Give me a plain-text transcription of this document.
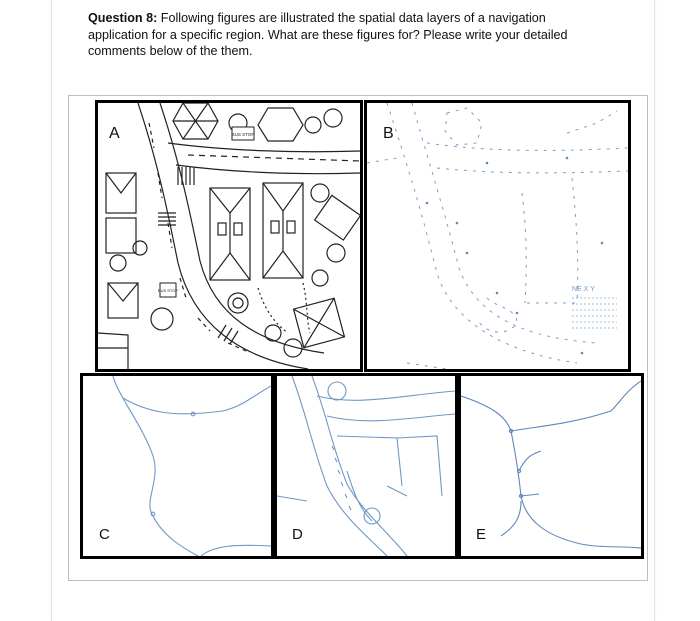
Question 8: Following figures are illustrated the spatial data layers of a navigation application for a specific region. What are these figures for? Please write your detailed comments below of the them.
BUS STOP
BUS STOP
A
NE X Y
B
C	D	E
